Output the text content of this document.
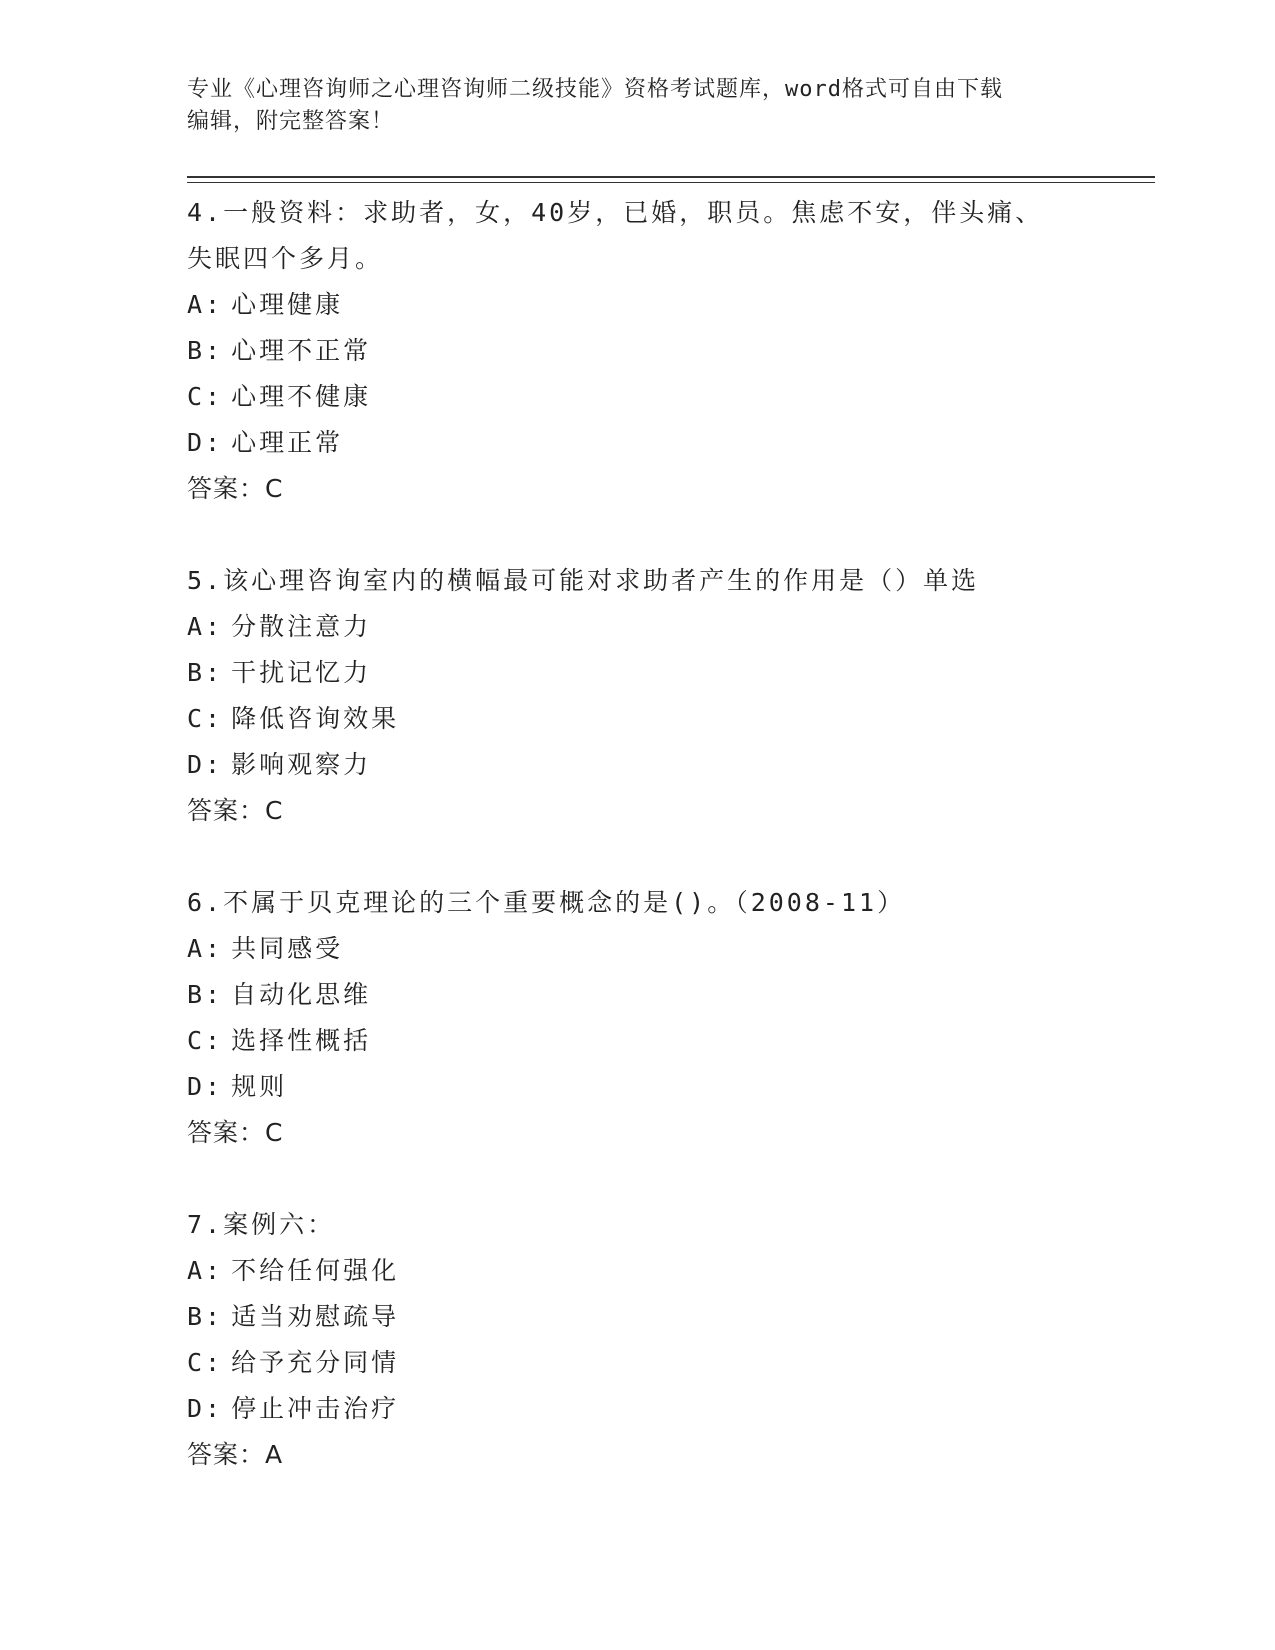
专业《心理咨询师之心理咨询师二级技能》资格考试题库，word格式可自由下载
编辑，附完整答案！
4.一般资料：求助者，女，40岁，已婚，职员。焦虑不安，伴头痛、
失眠四个多月。
A: 心理健康
B: 心理不正常
C: 心理不健康
D: 心理正常
答案：C
5.该心理咨询室内的横幅最可能对求助者产生的作用是（）单选
A: 分散注意力
B: 干扰记忆力
C: 降低咨询效果
D: 影响观察力
答案：C
6.不属于贝克理论的三个重要概念的是()。（2008-11）
A: 共同感受
B: 自动化思维
C: 选择性概括
D: 规则
答案：C
7.案例六：
A: 不给任何强化
B: 适当劝慰疏导
C: 给予充分同情
D: 停止冲击治疗
答案：A
